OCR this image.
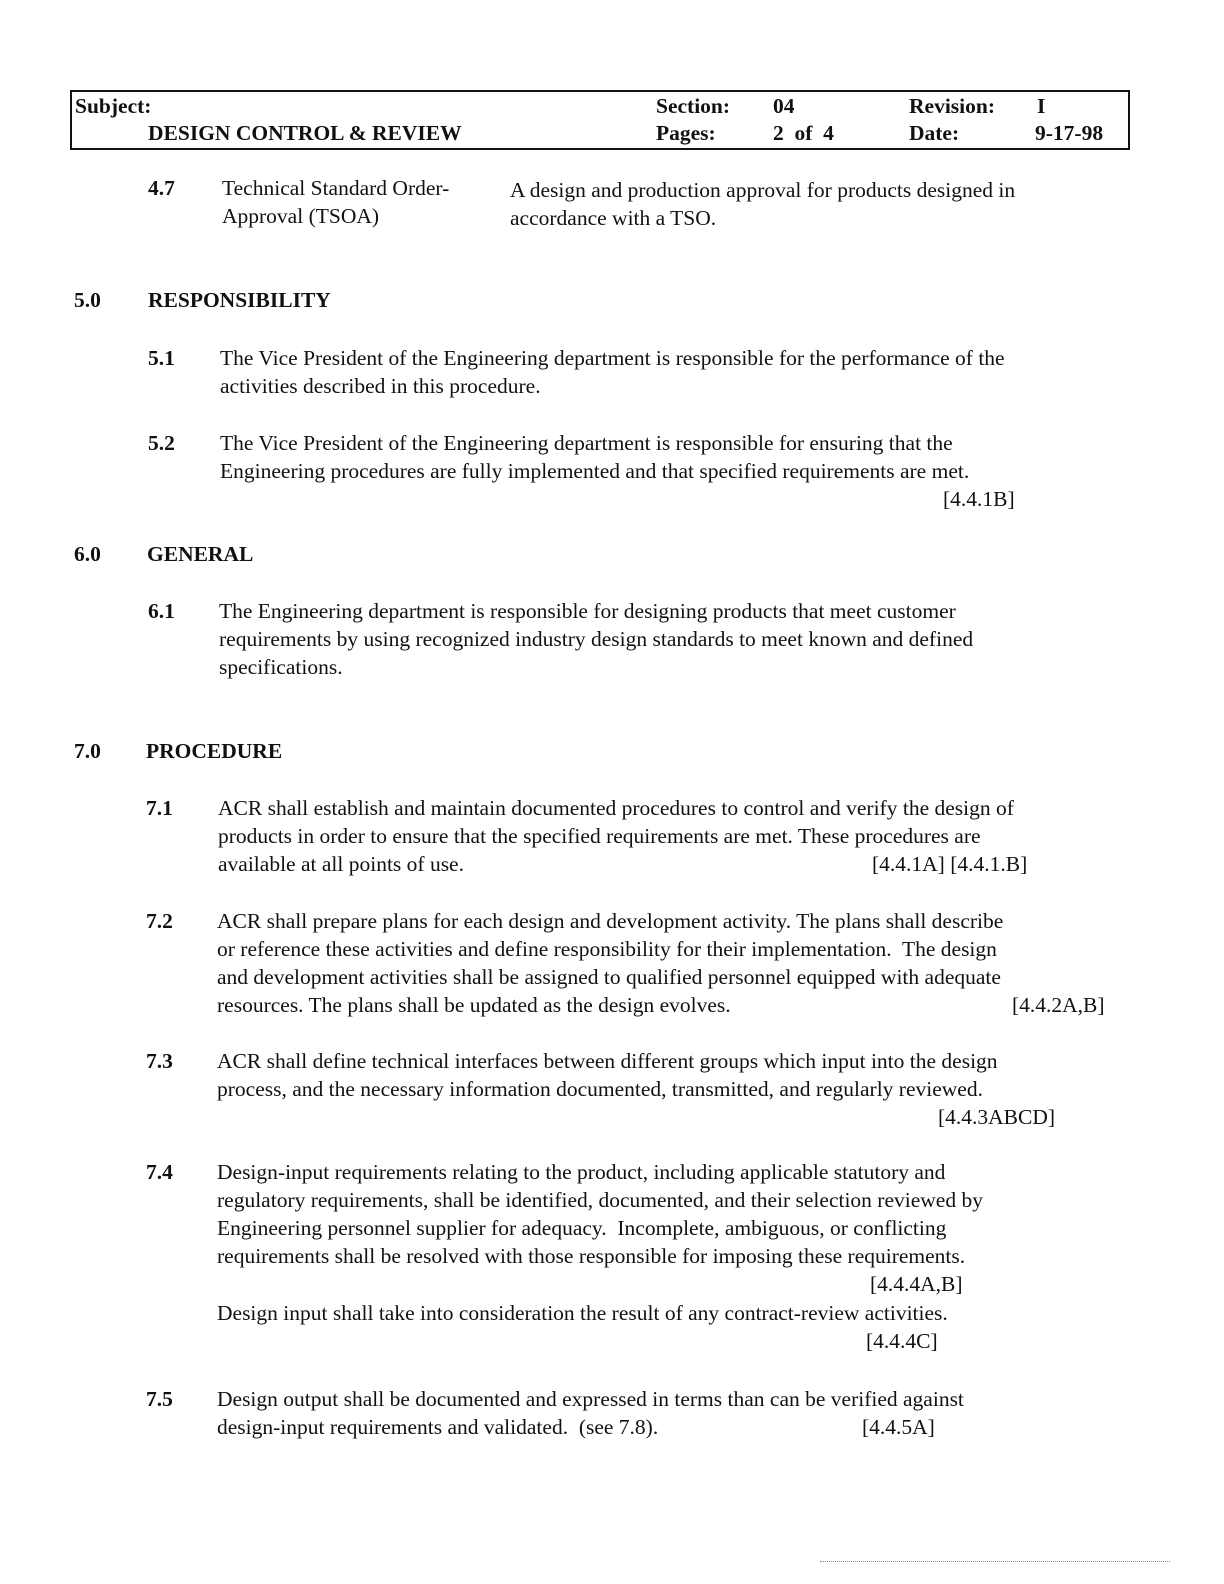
Subject:
DESIGN CONTROL & REVIEW
Section: 04
Pages:	2  of  4
Revision: I
Date:	9-17-98
4.7 Technical Standard Order-
Approval (TSOA)
A design and production approval for products designed in
accordance with a TSO.
5.0 RESPONSIBILITY
5.1 The Vice President of the Engineering department is responsible for the performance of the
activities described in this procedure.
5.2 The Vice President of the Engineering department is responsible for ensuring that the
Engineering procedures are fully implemented and that specified requirements are met.
[4.4.1B]
6.0 GENERAL
6.1 The Engineering department is responsible for designing products that meet customer
requirements by using recognized industry design standards to meet known and defined
specifications.
7.0 PROCEDURE
7.1 ACR shall establish and maintain documented procedures to control and verify the design of
products in order to ensure that the specified requirements are met. These procedures are
available at all points of use.	[4.4.1A] [4.4.1.B]
7.2 ACR shall prepare plans for each design and development activity. The plans shall describe
or reference these activities and define responsibility for their implementation.  The design
and development activities shall be assigned to qualified personnel equipped with adequate
resources. The plans shall be updated as the design evolves.	[4.4.2A,B]
7.3 ACR shall define technical interfaces between different groups which input into the design
process, and the necessary information documented, transmitted, and regularly reviewed.
[4.4.3ABCD]
7.4 Design-input requirements relating to the product, including applicable statutory and
regulatory requirements, shall be identified, documented, and their selection reviewed by
Engineering personnel supplier for adequacy.  Incomplete, ambiguous, or conflicting
requirements shall be resolved with those responsible for imposing these requirements.
[4.4.4A,B]
Design input shall take into consideration the result of any contract-review activities.
[4.4.4C]
7.5 Design output shall be documented and expressed in terms than can be verified against
design-input requirements and validated.  (see 7.8).	[4.4.5A]
